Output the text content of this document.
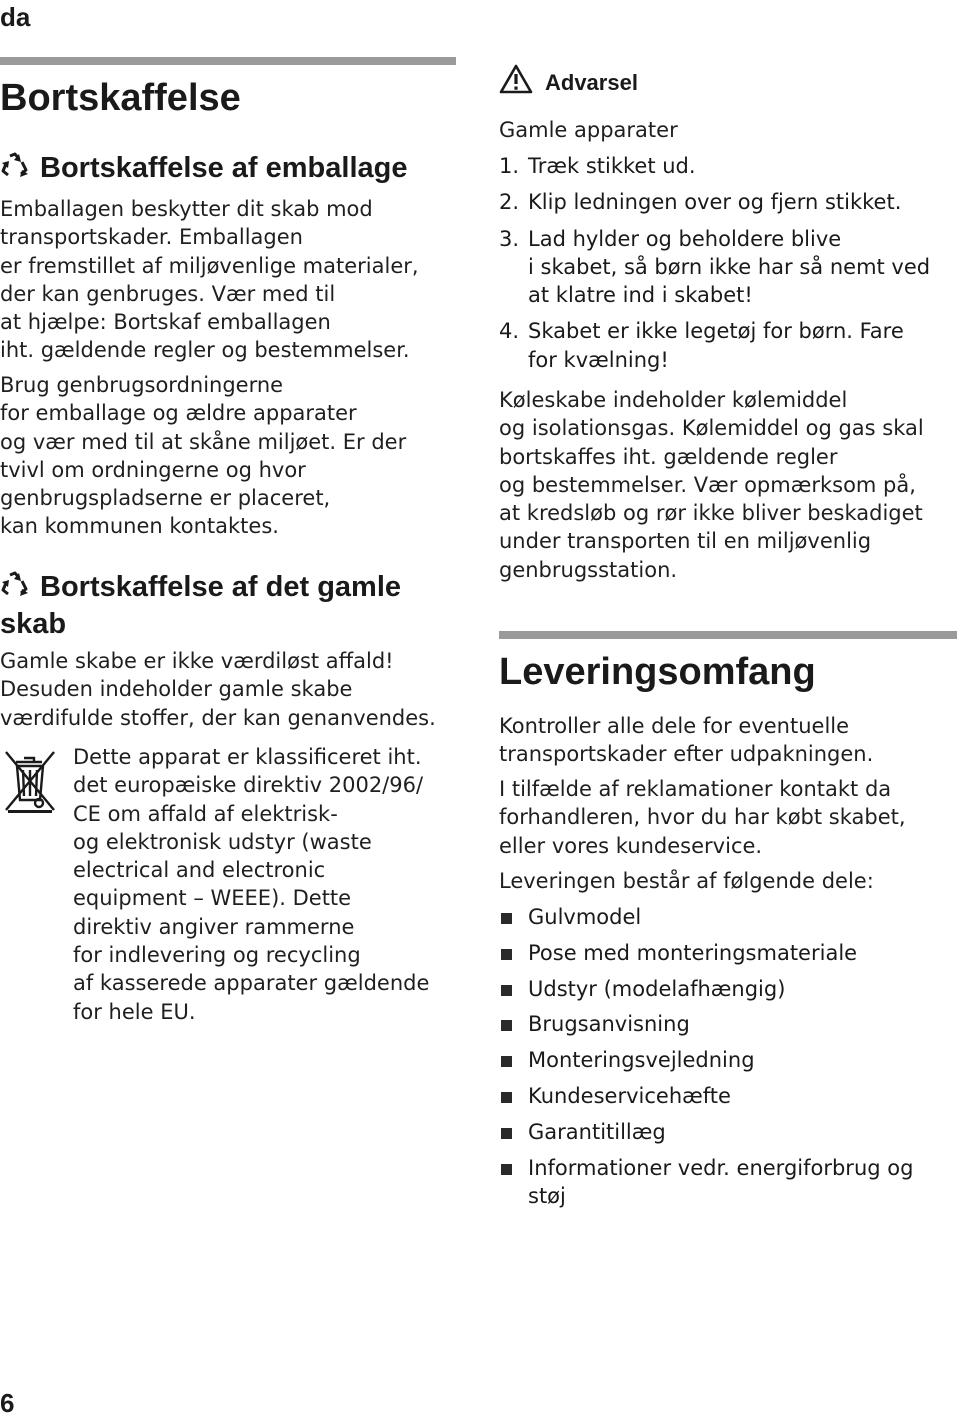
da
6
Bortskaffelse
Bortskaffelse af emballage
Emballagen beskytter dit skab mod
transportskader. Emballagen
er fremstillet af miljøvenlige materialer,
der kan genbruges. Vær med til
at hjælpe: Bortskaf emballagen
iht. gældende regler og bestemmelser.
Brug genbrugsordningerne
for emballage og ældre apparater
og vær med til at skåne miljøet. Er der
tvivl om ordningerne og hvor
genbrugspladserne er placeret,
kan kommunen kontaktes.
Bortskaffelse af det gamle
skab
Gamle skabe er ikke værdiløst affald!
Desuden indeholder gamle skabe
værdifulde stoffer, der kan genanvendes.
Dette apparat er klassificeret iht.
det europæiske direktiv 2002/96/
CE om affald af elektrisk-
og elektronisk udstyr (waste
electrical and electronic
equipment – WEEE). Dette
direktiv angiver rammerne
for indlevering og recycling
af kasserede apparater gældende
for hele EU.
Advarsel
Gamle apparater
1. Træk stikket ud.
2. Klip ledningen over og fjern stikket.
3. Lad hylder og beholdere blive
i skabet, så børn ikke har så nemt ved
at klatre ind i skabet!
4. Skabet er ikke legetøj for børn. Fare
for kvælning!
Køleskabe indeholder kølemiddel
og isolationsgas. Kølemiddel og gas skal
bortskaffes iht. gældende regler
og bestemmelser. Vær opmærksom på,
at kredsløb og rør ikke bliver beskadiget
under transporten til en miljøvenlig
genbrugsstation.
Leveringsomfang
Kontroller alle dele for eventuelle
transportskader efter udpakningen.
I tilfælde af reklamationer kontakt da
forhandleren, hvor du har købt skabet,
eller vores kundeservice.
Leveringen består af følgende dele:
Gulvmodel
Pose med monteringsmateriale
Udstyr (modelafhængig)
Brugsanvisning
Monteringsvejledning
Kundeservicehæfte
Garantitillæg
Informationer vedr. energiforbrug og
støj
